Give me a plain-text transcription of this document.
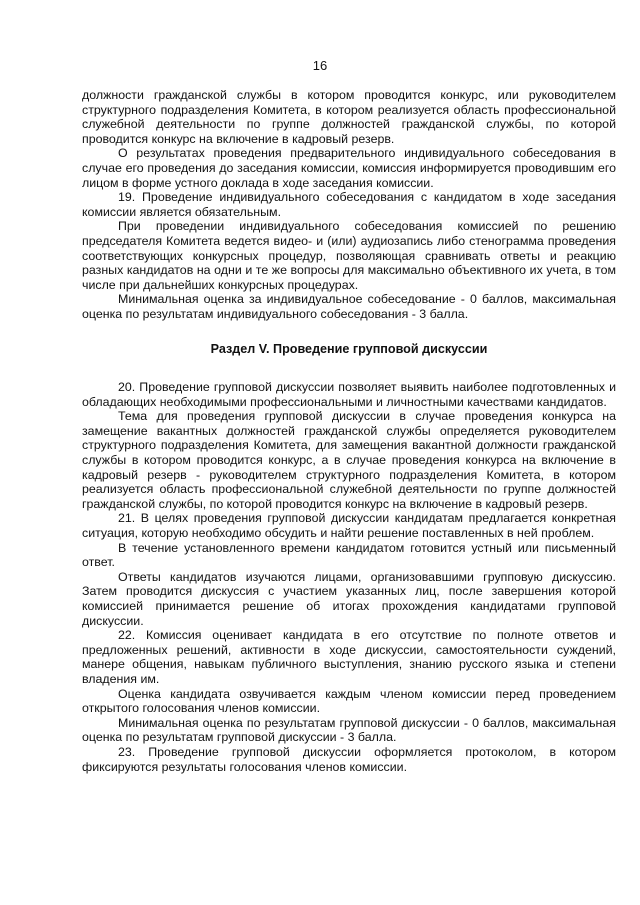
16

должности гражданской службы в котором проводится конкурс, или руководителем структурного подразделения Комитета, в котором реализуется область профессиональной служебной деятельности по группе должностей гражданской службы, по которой проводится конкурс на включение в кадровый резерв.

О результатах проведения предварительного индивидуального собеседования в случае его проведения до заседания комиссии, комиссия информируется проводившим его лицом в форме устного доклада в ходе заседания комиссии.

19. Проведение индивидуального собеседования с кандидатом в ходе заседания комиссии является обязательным.

При проведении индивидуального собеседования комиссией по решению председателя Комитета ведется видео- и (или) аудиозапись либо стенограмма проведения соответствующих конкурсных процедур, позволяющая сравнивать ответы и реакцию разных кандидатов на одни и те же вопросы для максимально объективного их учета, в том числе при дальнейших конкурсных процедурах.

Минимальная оценка за индивидуальное собеседование - 0 баллов, максимальная оценка по результатам индивидуального собеседования - 3 балла.

Раздел V. Проведение групповой дискуссии

20. Проведение групповой дискуссии позволяет выявить наиболее подготовленных и обладающих необходимыми профессиональными и личностными качествами кандидатов.

Тема для проведения групповой дискуссии в случае проведения конкурса на замещение вакантных должностей гражданской службы определяется руководителем структурного подразделения Комитета, для замещения вакантной должности гражданской службы в котором проводится конкурс, а в случае проведения конкурса на включение в кадровый резерв - руководителем структурного подразделения Комитета, в котором реализуется область профессиональной служебной деятельности по группе должностей гражданской службы, по которой проводится конкурс на включение в кадровый резерв.

21. В целях проведения групповой дискуссии кандидатам предлагается конкретная ситуация, которую необходимо обсудить и найти решение поставленных в ней проблем.

В течение установленного времени кандидатом готовится устный или письменный ответ.

Ответы кандидатов изучаются лицами, организовавшими групповую дискуссию. Затем проводится дискуссия с участием указанных лиц, после завершения которой комиссией принимается решение об итогах прохождения кандидатами групповой дискуссии.

22. Комиссия оценивает кандидата в его отсутствие по полноте ответов и предложенных решений, активности в ходе дискуссии, самостоятельности суждений, манере общения, навыкам публичного выступления, знанию русского языка и степени владения им.

Оценка кандидата озвучивается каждым членом комиссии перед проведением открытого голосования членов комиссии.

Минимальная оценка по результатам групповой дискуссии - 0 баллов, максимальная оценка по результатам групповой дискуссии - 3 балла.

23. Проведение групповой дискуссии оформляется протоколом, в котором фиксируются результаты голосования членов комиссии.
